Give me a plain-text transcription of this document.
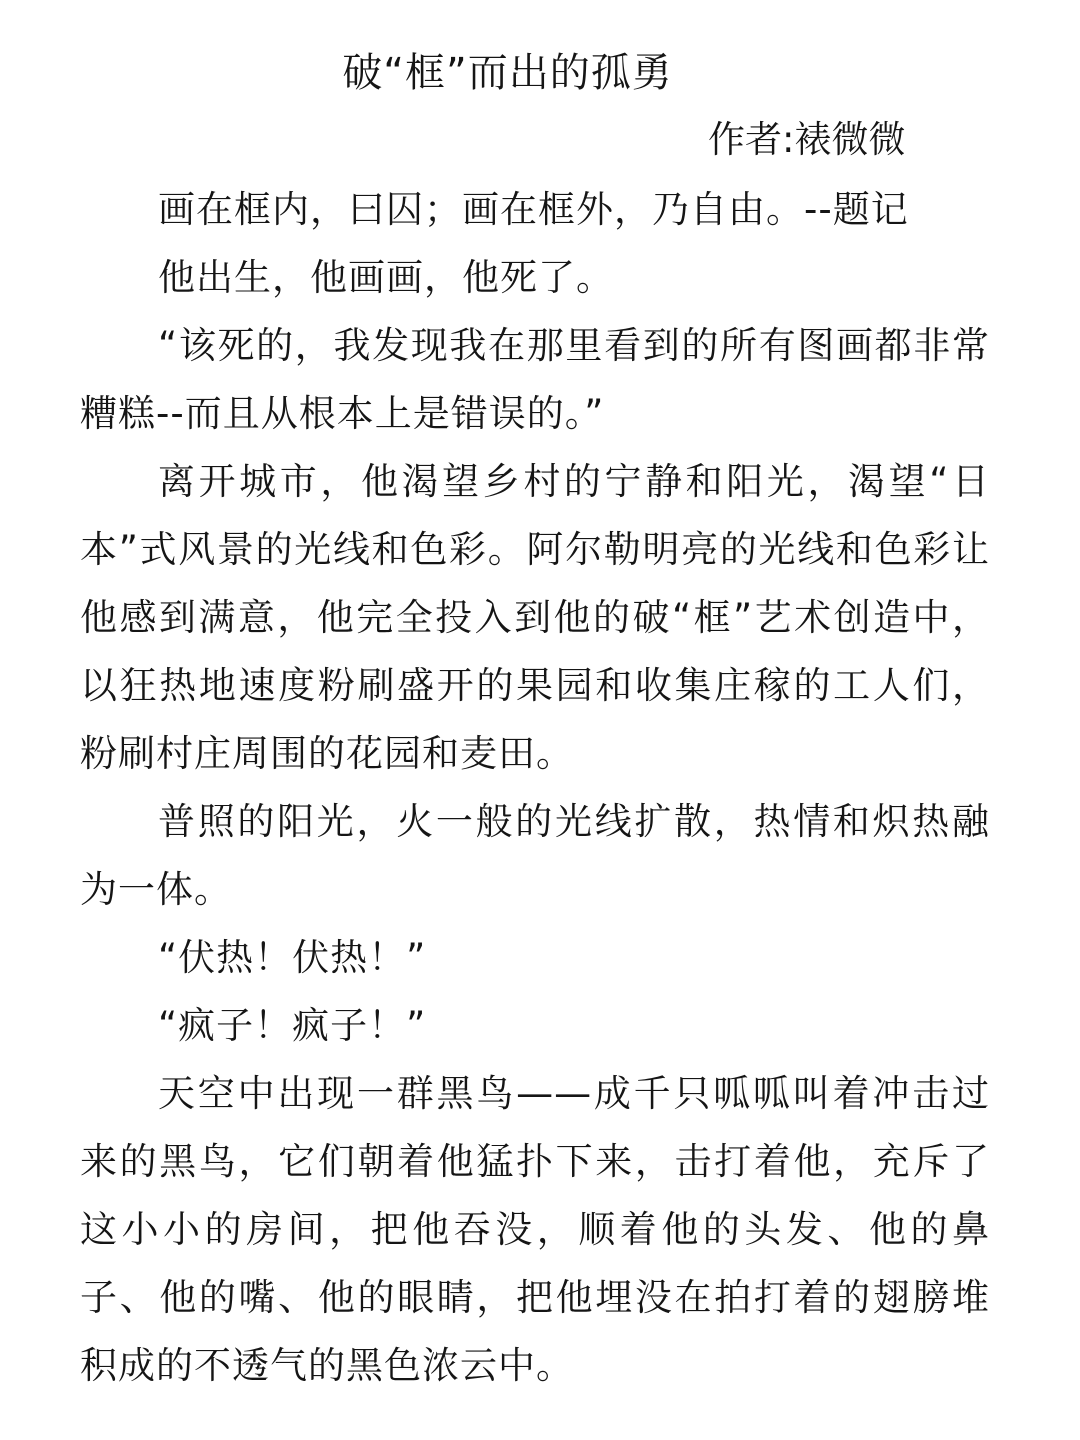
破“框”而出的孤勇
作者:裱微微

画在框内，曰囚；画在框外，乃自由。--题记

他出生，他画画，他死了。

“该死的，我发现我在那里看到的所有图画都非常糟糕--而且从根本上是错误的。”

离开城市，他渴望乡村的宁静和阳光，渴望“日本”式风景的光线和色彩。阿尔勒明亮的光线和色彩让他感到满意，他完全投入到他的破“框”艺术创造中，以狂热地速度粉刷盛开的果园和收集庄稼的工人们，粉刷村庄周围的花园和麦田。

普照的阳光，火一般的光线扩散，热情和炽热融为一体。

“伏热！伏热！”

“疯子！疯子！”

天空中出现一群黑鸟——成千只呱呱叫着冲击过来的黑鸟，它们朝着他猛扑下来，击打着他，充斥了这小小的房间，把他吞没，顺着他的头发、他的鼻子、他的嘴、他的眼睛，把他埋没在拍打着的翅膀堆积成的不透气的黑色浓云中。
